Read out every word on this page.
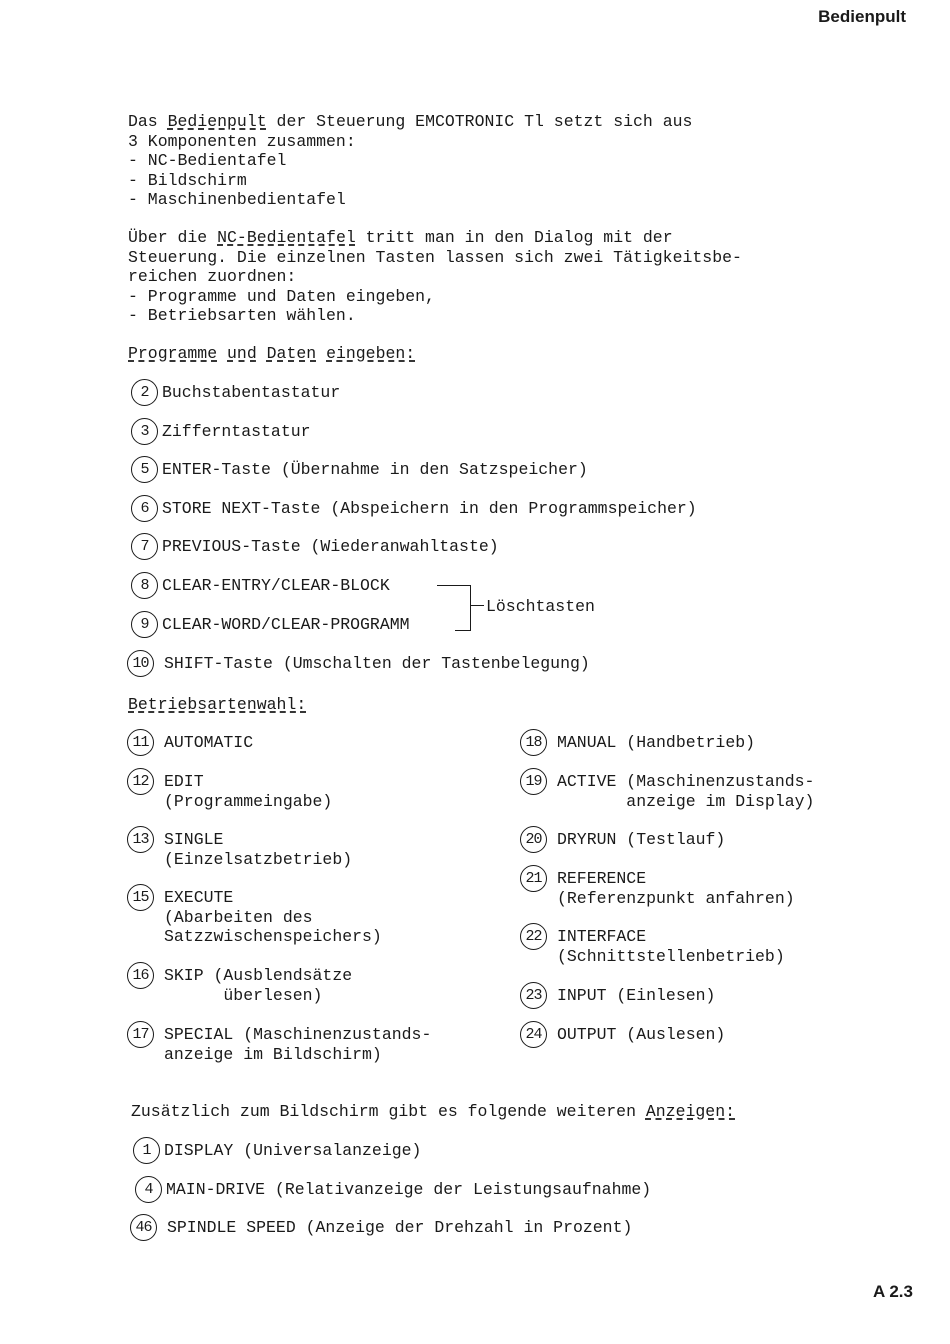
Bedienpult
Das Bedienpult der Steuerung EMCOTRONIC Tl setzt sich aus
3 Komponenten zusammen:
- NC-Bedientafel
- Bildschirm
- Maschinenbedientafel
Über die NC-Bedientafel tritt man in den Dialog mit der
Steuerung. Die einzelnen Tasten lassen sich zwei Tätigkeitsbe-
reichen zuordnen:
- Programme und Daten eingeben,
- Betriebsarten wählen.
Programme und Daten eingeben:
2 Buchstabentastatur
3 Zifferntastatur
5 ENTER-Taste (Übernahme in den Satzspeicher)
6 STORE NEXT-Taste (Abspeichern in den Programmspeicher)
7 PREVIOUS-Taste (Wiederanwahltaste)
8 CLEAR-ENTRY/CLEAR-BLOCK
9 CLEAR-WORD/CLEAR-PROGRAMM
Löschtasten
10 SHIFT-Taste (Umschalten der Tastenbelegung)
Betriebsartenwahl:
11 AUTOMATIC
12 EDIT
(Programmeingabe)
13 SINGLE
(Einzelsatzbetrieb)
15 EXECUTE
(Abarbeiten des
Satzzwischenspeichers)
16 SKIP (Ausblendsätze
überlesen)
17 SPECIAL (Maschinenzustands-
anzeige im Bildschirm)
18 MANUAL (Handbetrieb)
19 ACTIVE (Maschinenzustands-
anzeige im Display)
20 DRYRUN (Testlauf)
21 REFERENCE
(Referenzpunkt anfahren)
22 INTERFACE
(Schnittstellenbetrieb)
23 INPUT (Einlesen)
24 OUTPUT (Auslesen)
Zusätzlich zum Bildschirm gibt es folgende weiteren Anzeigen:
1 DISPLAY (Universalanzeige)
4 MAIN-DRIVE (Relativanzeige der Leistungsaufnahme)
46 SPINDLE SPEED (Anzeige der Drehzahl in Prozent)
A 2.3
